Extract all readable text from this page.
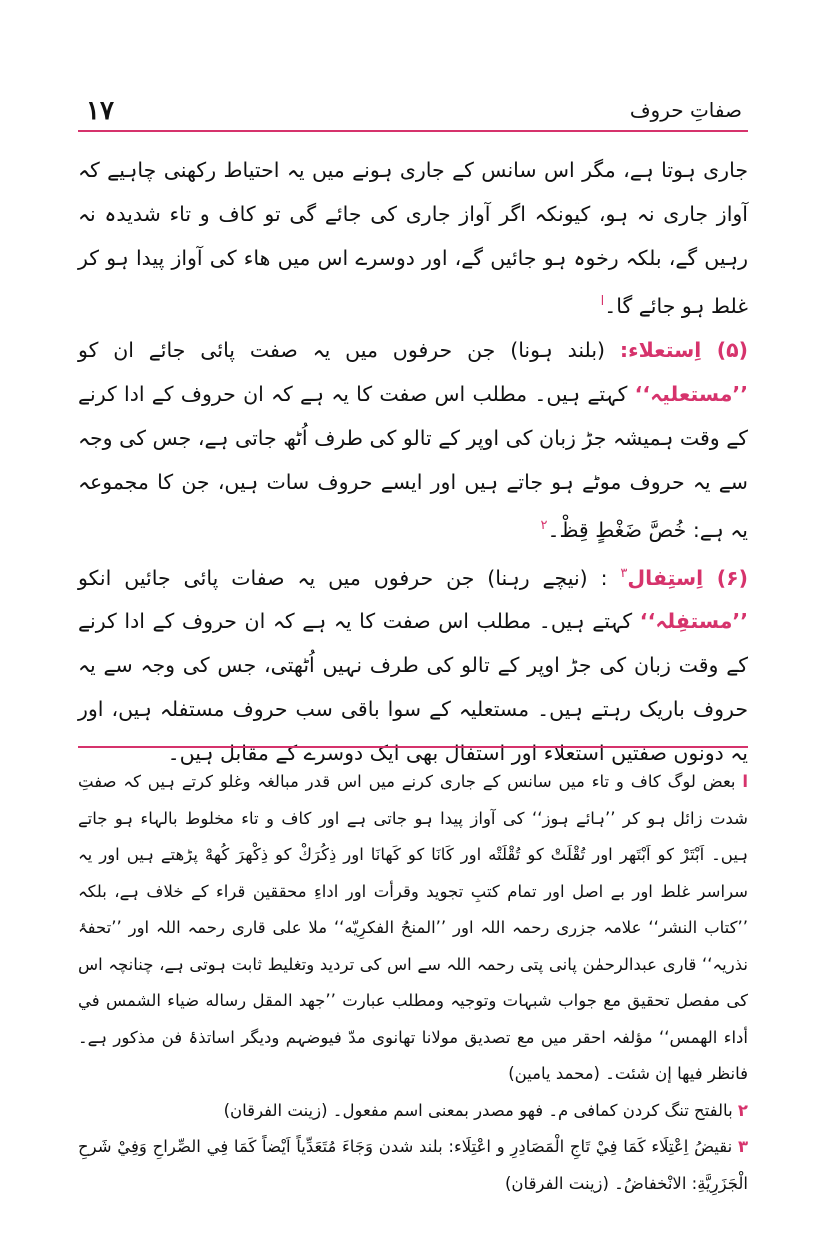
١٧	صفاتِ حروف

جاری ہوتا ہے، مگر اس سانس کے جاری ہونے میں یہ احتیاط رکھنی چاہیے کہ آواز جاری نہ ہو، کیونکہ اگر آواز جاری کی جائے گی تو کاف و تاء شدیدہ نہ رہیں گے، بلکہ رخوہ ہو جائیں گے، اور دوسرے اس میں ھاء کی آواز پیدا ہو کر غلط ہو جائے گا۔$^ا$

(۵) اِستعلاء: (بلند ہونا) جن حرفوں میں یہ صفت پائی جائے ان کو ’’مستعلیہ‘‘ کہتے ہیں۔ مطلب اس صفت کا یہ ہے کہ ان حروف کے ادا کرنے کے وقت ہمیشہ جڑ زبان کی اوپر کے تالو کی طرف اُٹھ جاتی ہے، جس کی وجہ سے یہ حروف موٹے ہو جاتے ہیں اور ایسے حروف سات ہیں، جن کا مجموعہ یہ ہے: خُصَّ ضَغْطٍ قِظْ۔$^۲$

(۶) اِستِفال$^۳$ : (نیچے رہنا) جن حرفوں میں یہ صفات پائی جائیں انکو ’’مستفِلہ‘‘ کہتے ہیں۔ مطلب اس صفت کا یہ ہے کہ ان حروف کے ادا کرنے کے وقت زبان کی جڑ اوپر کے تالو کی طرف نہیں اُٹھتی، جس کی وجہ سے یہ حروف باریک رہتے ہیں۔ مستعلیہ کے سوا باقی سب حروف مستفلہ ہیں، اور یہ دونوں صفتیں استعلاء اور استفال بھی ایک دوسرے کے مقابل ہیں۔

ا بعض لوگ کاف و تاء میں سانس کے جاری کرنے میں اس قدر مبالغہ وغلو کرتے ہیں کہ صفتِ شدت زائل ہو کر ’’ہائے ہوز‘‘ کی آواز پیدا ہو جاتی ہے اور کاف و تاء مخلوط بالہاء ہو جاتے ہیں۔ اَبْتَرْ کو اَبْتَھر اور تُقْلَتْ کو تُقْلَتْه اور کَانَا کو کَھانَا اور ذِكُرَكْ کو ذِكْھرَ كُھهْ پڑھتے ہیں اور یہ سراسر غلط اور بے اصل اور تمام کتبِ تجوید وقرأت اور اداءِ محققین قراء کے خلاف ہے، بلکہ ’’كتاب النشر‘‘ علامہ جزری رحمہ اللہ اور ’’المنحُ الفكرِيّه‘‘ ملا علی قاری رحمہ اللہ اور ’’تحفۂ نذریہ‘‘ قاری عبدالرحمٰن پانی پتی رحمہ اللہ سے اس کی تردید وتغلیط ثابت ہوتی ہے، چنانچہ اس کی مفصل تحقیق مع جواب شبہات وتوجیہ ومطلب عبارت ’’جهد المقل رساله ضياء الشمس في أداء الهمس‘‘ مؤلفہ احقر میں مع تصدیق مولانا تھانوی مدّ فیوضہم ودیگر اساتذۂ فن مذکور ہے۔ فانظر فیها إن شئت۔ (محمد یامین)

۲ بالفتح تنگ کردن کمافی م۔ فهو مصدر بمعنى اسم مفعول۔ (زینت الفرقان)

۳ نقيضُ اِعْتِلَاء كَمَا فِيْ تَاجِ الْمَصَادِرِ و اعْتِلَاء: بلند شدن وَجَاءَ مُتَعَدِّياً اَيْضاً كَمَا فِي الصِّراحِ وَفِيْ شَرحِ الْجَزَرِيَّةِ: الانْخفاضُ۔ (زینت الفرقان)
